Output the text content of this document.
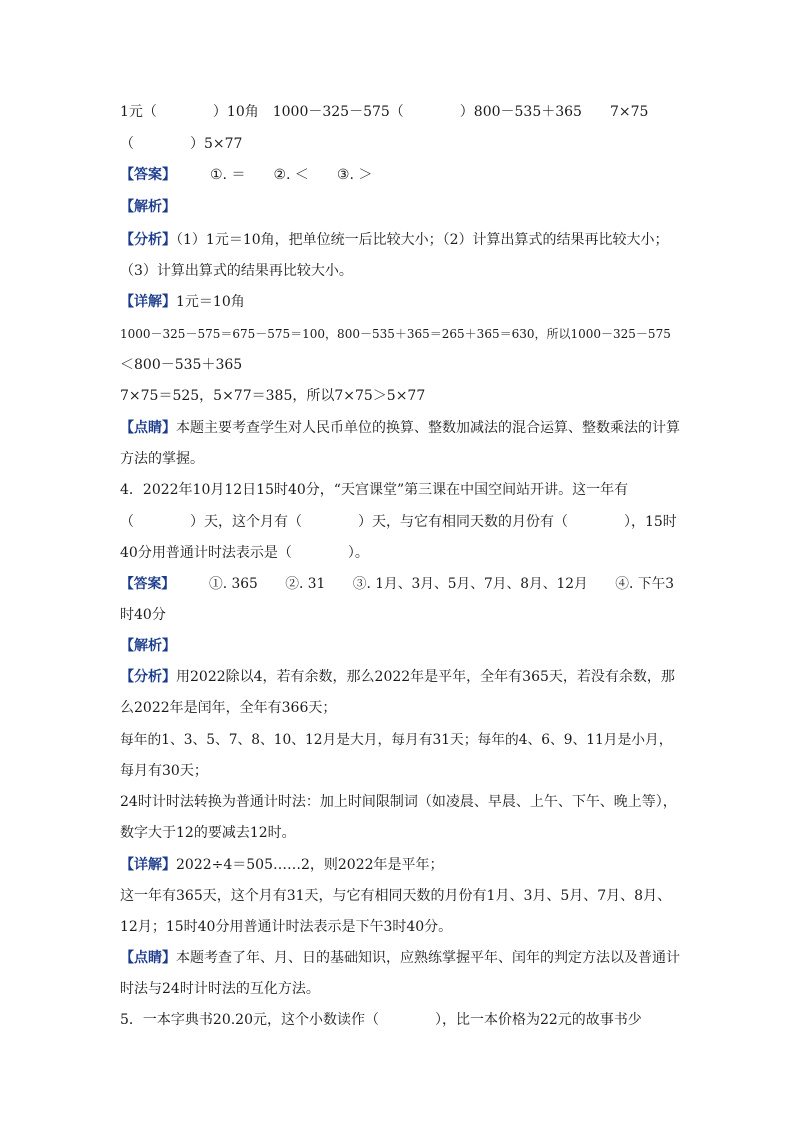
1元（　　　　）10角　1000－325－575（　　　　）800－535＋365　　7×75
（　　　　）5×77
【答案】 ①. ＝　　②. ＜　　③. ＞
【解析】
【分析】（1）1元＝10角，把单位统一后比较大小；（2）计算出算式的结果再比较大小；
（3）计算出算式的结果再比较大小。
【详解】1元＝10角
1000－325－575＝675－575＝100，800－535＋365＝265＋365＝630，所以1000－325－575
＜800－535＋365
7×75＝525，5×77＝385，所以7×75＞5×77
【点睛】本题主要考查学生对人民币单位的换算、整数加减法的混合运算、整数乘法的计算
方法的掌握。
4．2022年10月12日15时40分，“天宫课堂”第三课在中国空间站开讲。这一年有
（　　　　）天，这个月有（　　　　）天，与它有相同天数的月份有（　　　　），15时
40分用普通计时法表示是（　　　　）。
【答案】 ①. 365　　②. 31　　③. 1月、3月、5月、7月、8月、12月　　④. 下午3
时40分
【解析】
【分析】用2022除以4，若有余数，那么2022年是平年，全年有365天，若没有余数，那
么2022年是闰年，全年有366天；
每年的1、3、5、7、8、10、12月是大月，每月有31天；每年的4、6、9、11月是小月，
每月有30天；
24时计时法转换为普通计时法：加上时间限制词（如凌晨、早晨、上午、下午、晚上等），
数字大于12的要减去12时。
【详解】2022÷4＝505……2，则2022年是平年；
这一年有365天，这个月有31天，与它有相同天数的月份有1月、3月、5月、7月、8月、
12月；15时40分用普通计时法表示是下午3时40分。
【点睛】本题考查了年、月、日的基础知识，应熟练掌握平年、闰年的判定方法以及普通计
时法与24时计时法的互化方法。
5．一本字典书20.20元，这个小数读作（　　　　），比一本价格为22元的故事书少
